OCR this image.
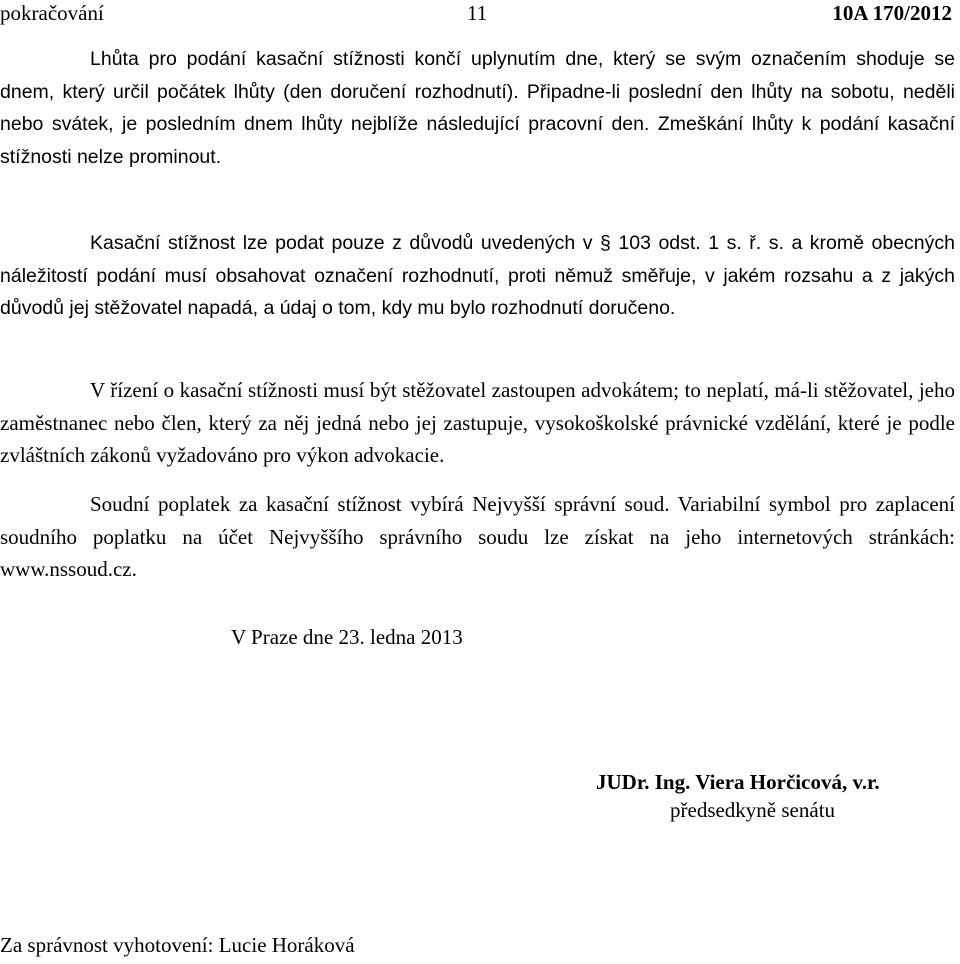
pokračování	11	10A 170/2012

Lhůta pro podání kasační stížnosti končí uplynutím dne, který se svým označením shoduje se dnem, který určil počátek lhůty (den doručení rozhodnutí). Připadne-li poslední den lhůty na sobotu, neděli nebo svátek, je posledním dnem lhůty nejblíže následující pracovní den. Zmeškání lhůty k podání kasační stížnosti nelze prominout.

Kasační stížnost lze podat pouze z důvodů uvedených v § 103 odst. 1 s. ř. s. a kromě obecných náležitostí podání musí obsahovat označení rozhodnutí, proti němuž směřuje, v jakém rozsahu a z jakých důvodů jej stěžovatel napadá, a údaj o tom, kdy mu bylo rozhodnutí doručeno.

V řízení o kasační stížnosti musí být stěžovatel zastoupen advokátem; to neplatí, má-li stěžovatel, jeho zaměstnanec nebo člen, který za něj jedná nebo jej zastupuje, vysokoškolské právnické vzdělání, které je podle zvláštních zákonů vyžadováno pro výkon advokacie.

Soudní poplatek za kasační stížnost vybírá Nejvyšší správní soud. Variabilní symbol pro zaplacení soudního poplatku na účet Nejvyššího správního soudu lze získat na jeho internetových stránkách: www.nssoud.cz.

V Praze dne 23. ledna 2013
JUDr. Ing. Viera Horčicová, v.r.
předsedkyně senátu
Za správnost vyhotovení: Lucie Horáková
